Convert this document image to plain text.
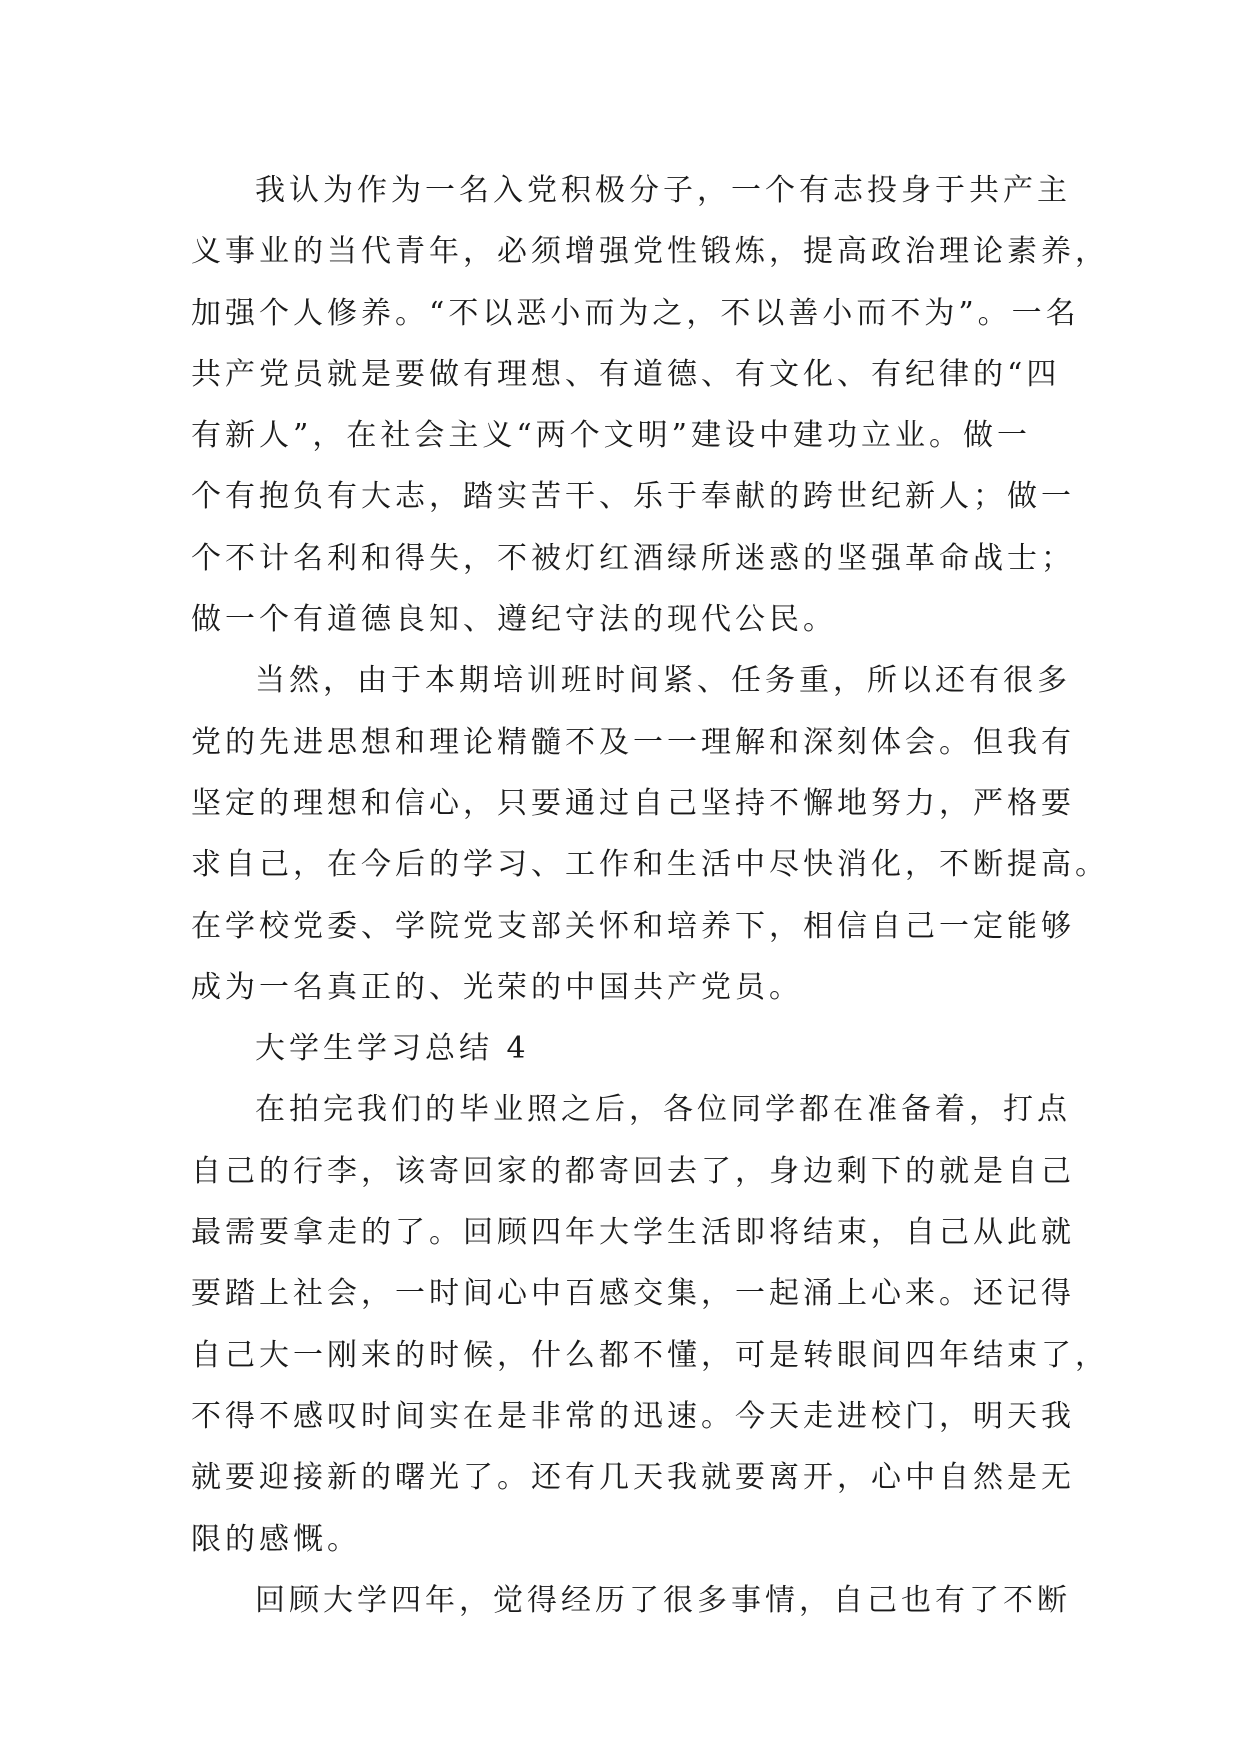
我认为作为一名入党积极分子，一个有志投身于共产主
义事业的当代青年，必须增强党性锻炼，提高政治理论素养，
加强个人修养。“不以恶小而为之，不以善小而不为”。一名
共产党员就是要做有理想、有道德、有文化、有纪律的“四
有新人”，在社会主义“两个文明”建设中建功立业。做一
个有抱负有大志，踏实苦干、乐于奉献的跨世纪新人；做一
个不计名利和得失，不被灯红酒绿所迷惑的坚强革命战士；
做一个有道德良知、遵纪守法的现代公民。
当然，由于本期培训班时间紧、任务重，所以还有很多
党的先进思想和理论精髓不及一一理解和深刻体会。但我有
坚定的理想和信心，只要通过自己坚持不懈地努力，严格要
求自己，在今后的学习、工作和生活中尽快消化，不断提高。
在学校党委、学院党支部关怀和培养下，相信自己一定能够
成为一名真正的、光荣的中国共产党员。
大学生学习总结 4
在拍完我们的毕业照之后，各位同学都在准备着，打点
自己的行李，该寄回家的都寄回去了，身边剩下的就是自己
最需要拿走的了。回顾四年大学生活即将结束，自己从此就
要踏上社会，一时间心中百感交集，一起涌上心来。还记得
自己大一刚来的时候，什么都不懂，可是转眼间四年结束了，
不得不感叹时间实在是非常的迅速。今天走进校门，明天我
就要迎接新的曙光了。还有几天我就要离开，心中自然是无
限的感慨。
回顾大学四年，觉得经历了很多事情，自己也有了不断
